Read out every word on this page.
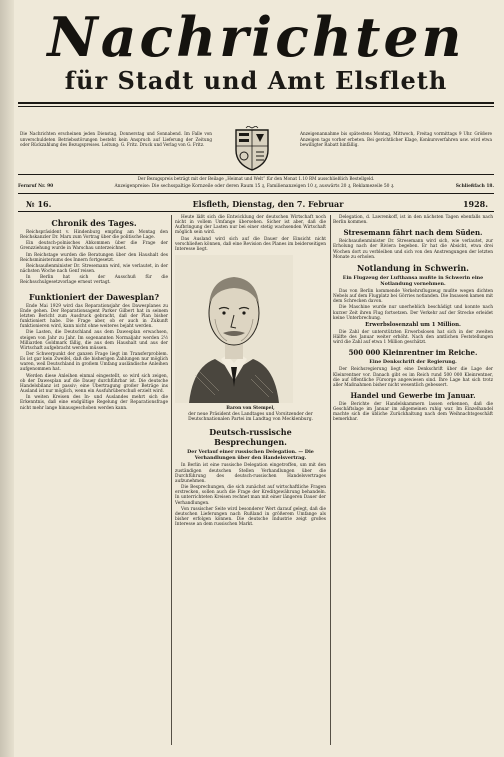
Nachrichten
für Stadt und Amt Elsfleth
Die Nachrichten erscheinen jeden Dienstag, Donnerstag und Sonnabend. Im Falle von unverschuldeten Betriebsstörungen besteht kein Anspruch auf Lieferung der Zeitung oder Rückzahlung des Bezugspreises. Leitung: G. Fritz. Druck und Verlag von G. Fritz.
Anzeigenannahme bis spätestens Montag, Mittwoch, Freitag vormittags 9 Uhr. Größere Anzeigen tags vorher erbeten. Bei gerichtlicher Klage, Konkursverfahren usw. wird etwa bewilligter Rabatt hinfällig.
Der Bezugspreis beträgt mit der Beilage „Heimat und Welt“ für den Monat 1.10 RM ausschließlich Bestellgeld.
Fernruf Nr. 90	Anzeigenpreise: Die sechsspaltige Kornzeile oder deren Raum 15 ₰, Familienanzeigen 10 ₰, auswärts 20 ₰, Reklamezeile 50 ₰.	Schließfach 18.
№ 16.	Elsfleth, Dienstag, den 7. Februar	1928.
Chronik des Tages.

Reichspräsident v. Hindenburg empfing am Montag den Reichskanzler Dr. Marx zum Vortrag über die politische Lage.

Ein deutsch-polnisches Abkommen über die Frage der Grenzziehung wurde in Warschau unterzeichnet.

Im Reichstage wurden die Beratungen über den Haushalt des Reichsministeriums des Innern fortgesetzt.

Reichsaußenminister Dr. Stresemann wird, wie verlautet, in der nächsten Woche nach Genf reisen.

In Berlin hat sich der Ausschuß für die Reichsschulgesetzvorlage erneut vertagt.

Funktioniert der Dawesplan?

Ende Mai 1929 wird das Reparationsjahr des Dawesplanes zu Ende gehen. Der Reparationsagent Parker Gilbert hat in seinem letzten Bericht zum Ausdruck gebracht, daß der Plan bisher funktioniert habe. Die Frage aber, ob er auch in Zukunft funktionieren wird, kann nicht ohne weiteres bejaht werden.

Die Lasten, die Deutschland aus dem Dawesplan erwachsen, steigen von Jahr zu Jahr. Im sogenannten Normaljahr werden 2½ Milliarden Goldmark fällig, die aus dem Haushalt und aus der Wirtschaft aufgebracht werden müssen.

Der Schwerpunkt der ganzen Frage liegt im Transferproblem. Es ist gar kein Zweifel, daß die bisherigen Zahlungen nur möglich waren, weil Deutschland in großem Umfang ausländische Anleihen aufgenommen hat.

Werden diese Anleihen einmal eingestellt, so wird sich zeigen, ob der Dawesplan auf die Dauer durchführbar ist. Die deutsche Handelsbilanz ist passiv; eine Übertragung großer Beträge ins Ausland ist nur möglich, wenn ein Ausfuhrüberschuß erzielt wird.

In weiten Kreisen des In- und Auslandes mehrt sich die Erkenntnis, daß eine endgültige Regelung der Reparationsfrage nicht mehr lange hinausgeschoben werden kann.

Heute läßt sich die Entwicklung der deutschen Wirtschaft noch nicht in vollem Umfange übersehen. Sicher ist aber, daß die Aufbringung der Lasten nur bei einer stetig wachsenden Wirtschaft möglich sein wird.

Das Ausland wird sich auf die Dauer der Einsicht nicht verschließen können, daß eine Revision des Planes im beiderseitigen Interesse liegt.

Baron von Stempel,
der neue Präsident des Landtages und Vorsitzender der Deutschnationalen Partei im Landtag von Mecklenburg.
Deutsch-russische Besprechungen.
Der Verlauf einer russischen Delegation. — Die Verhandlungen über den Handelsvertrag.

In Berlin ist eine russische Delegation eingetroffen, um mit den zuständigen deutschen Stellen Verhandlungen über die Durchführung des deutsch-russischen Handelsvertrages aufzunehmen.

Die Besprechungen, die sich zunächst auf wirtschaftliche Fragen erstrecken, sollen auch die Frage der Kreditgewährung behandeln. In unterrichteten Kreisen rechnet man mit einer längeren Dauer der Verhandlungen.

Von russischer Seite wird besonderer Wert darauf gelegt, daß die deutschen Lieferungen nach Rußland in größerem Umfange als bisher erfolgen können. Die deutsche Industrie zeigt großes Interesse an dem russischen Markt.

Delegation, d. Lawrenkoff, ist in den nächsten Tagen ebenfalls nach Berlin kommen.

Stresemann fährt nach dem Süden.

Reichsaußenminister Dr. Stresemann wird sich, wie verlautet, zur Erholung nach der Riviera begeben. Er hat die Absicht, etwa drei Wochen dort zu verbleiben und sich von den Anstrengungen der letzten Monate zu erholen.

Notlandung in Schwerin.
Ein Flugzeug der Lufthansa mußte in Schwerin eine Notlandung vornehmen.

Das von Berlin kommende Verkehrsflugzeug mußte wegen dichten Nebels auf dem Flugplatz bei Görries notlanden. Die Insassen kamen mit dem Schrecken davon.

Die Maschine wurde nur unerheblich beschädigt und konnte nach kurzer Zeit ihren Flug fortsetzen. Der Verkehr auf der Strecke erleidet keine Unterbrechung.

Erwerbslosenzahl um 1 Million.

Die Zahl der unterstützten Erwerbslosen hat sich in der zweiten Hälfte des Januar weiter erhöht. Nach den amtlichen Feststellungen wird die Zahl auf etwa 1 Million geschätzt.

500 000 Kleinrentner im Reiche.
Eine Denkschrift der Regierung.

Der Reichsregierung liegt eine Denkschrift über die Lage der Kleinrentner vor. Danach gibt es im Reich rund 500 000 Kleinrentner, die auf öffentliche Fürsorge angewiesen sind. Ihre Lage hat sich trotz aller Maßnahmen bisher nicht wesentlich gebessert.

Handel und Gewerbe im Januar.

Die Berichte der Handelskammern lassen erkennen, daß die Geschäftslage im Januar im allgemeinen ruhig war. Im Einzelhandel machte sich die übliche Zurückhaltung nach dem Weihnachtsgeschäft bemerkbar.
